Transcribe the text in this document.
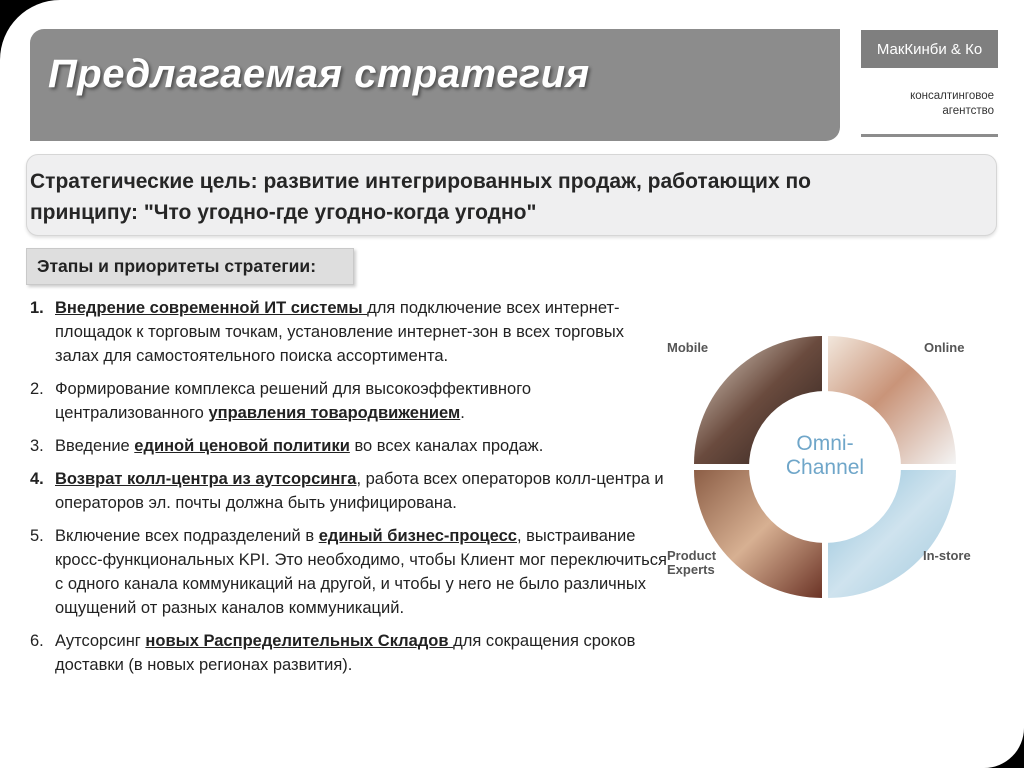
Предлагаемая стратегия
МакКинби & Ко
консалтинговое
агентство
Стратегические цель: развитие интегрированных продаж, работающих по
принципу: "Что угодно-где угодно-когда угодно"
Этапы и приоритеты стратегии:
1. Внедрение современной ИТ системы для подключение всех интернет-площадок к торговым точкам, установление интернет-зон в всех торговых залах для самостоятельного поиска ассортимента.
2. Формирование комплекса решений для высокоэффективного централизованного управления товародвижением.
3. Введение единой ценовой политики во всех каналах продаж.
4. Возврат колл-центра из аутсорсинга, работа всех операторов колл-центра и операторов эл. почты должна быть унифицирована.
5. Включение всех подразделений в единый бизнес-процесс, выстраивание кросс-функциональных KPI. Это необходимо, чтобы Клиент мог переключиться с одного канала коммуникаций на другой, и чтобы у него не было различных ощущений от разных каналов коммуникаций.
6. Аутсорсинг новых Распределительных Складов для сокращения сроков доставки (в новых регионах развития).
Omni-
Channel
Mobile	Online
Product
Experts
In-store
